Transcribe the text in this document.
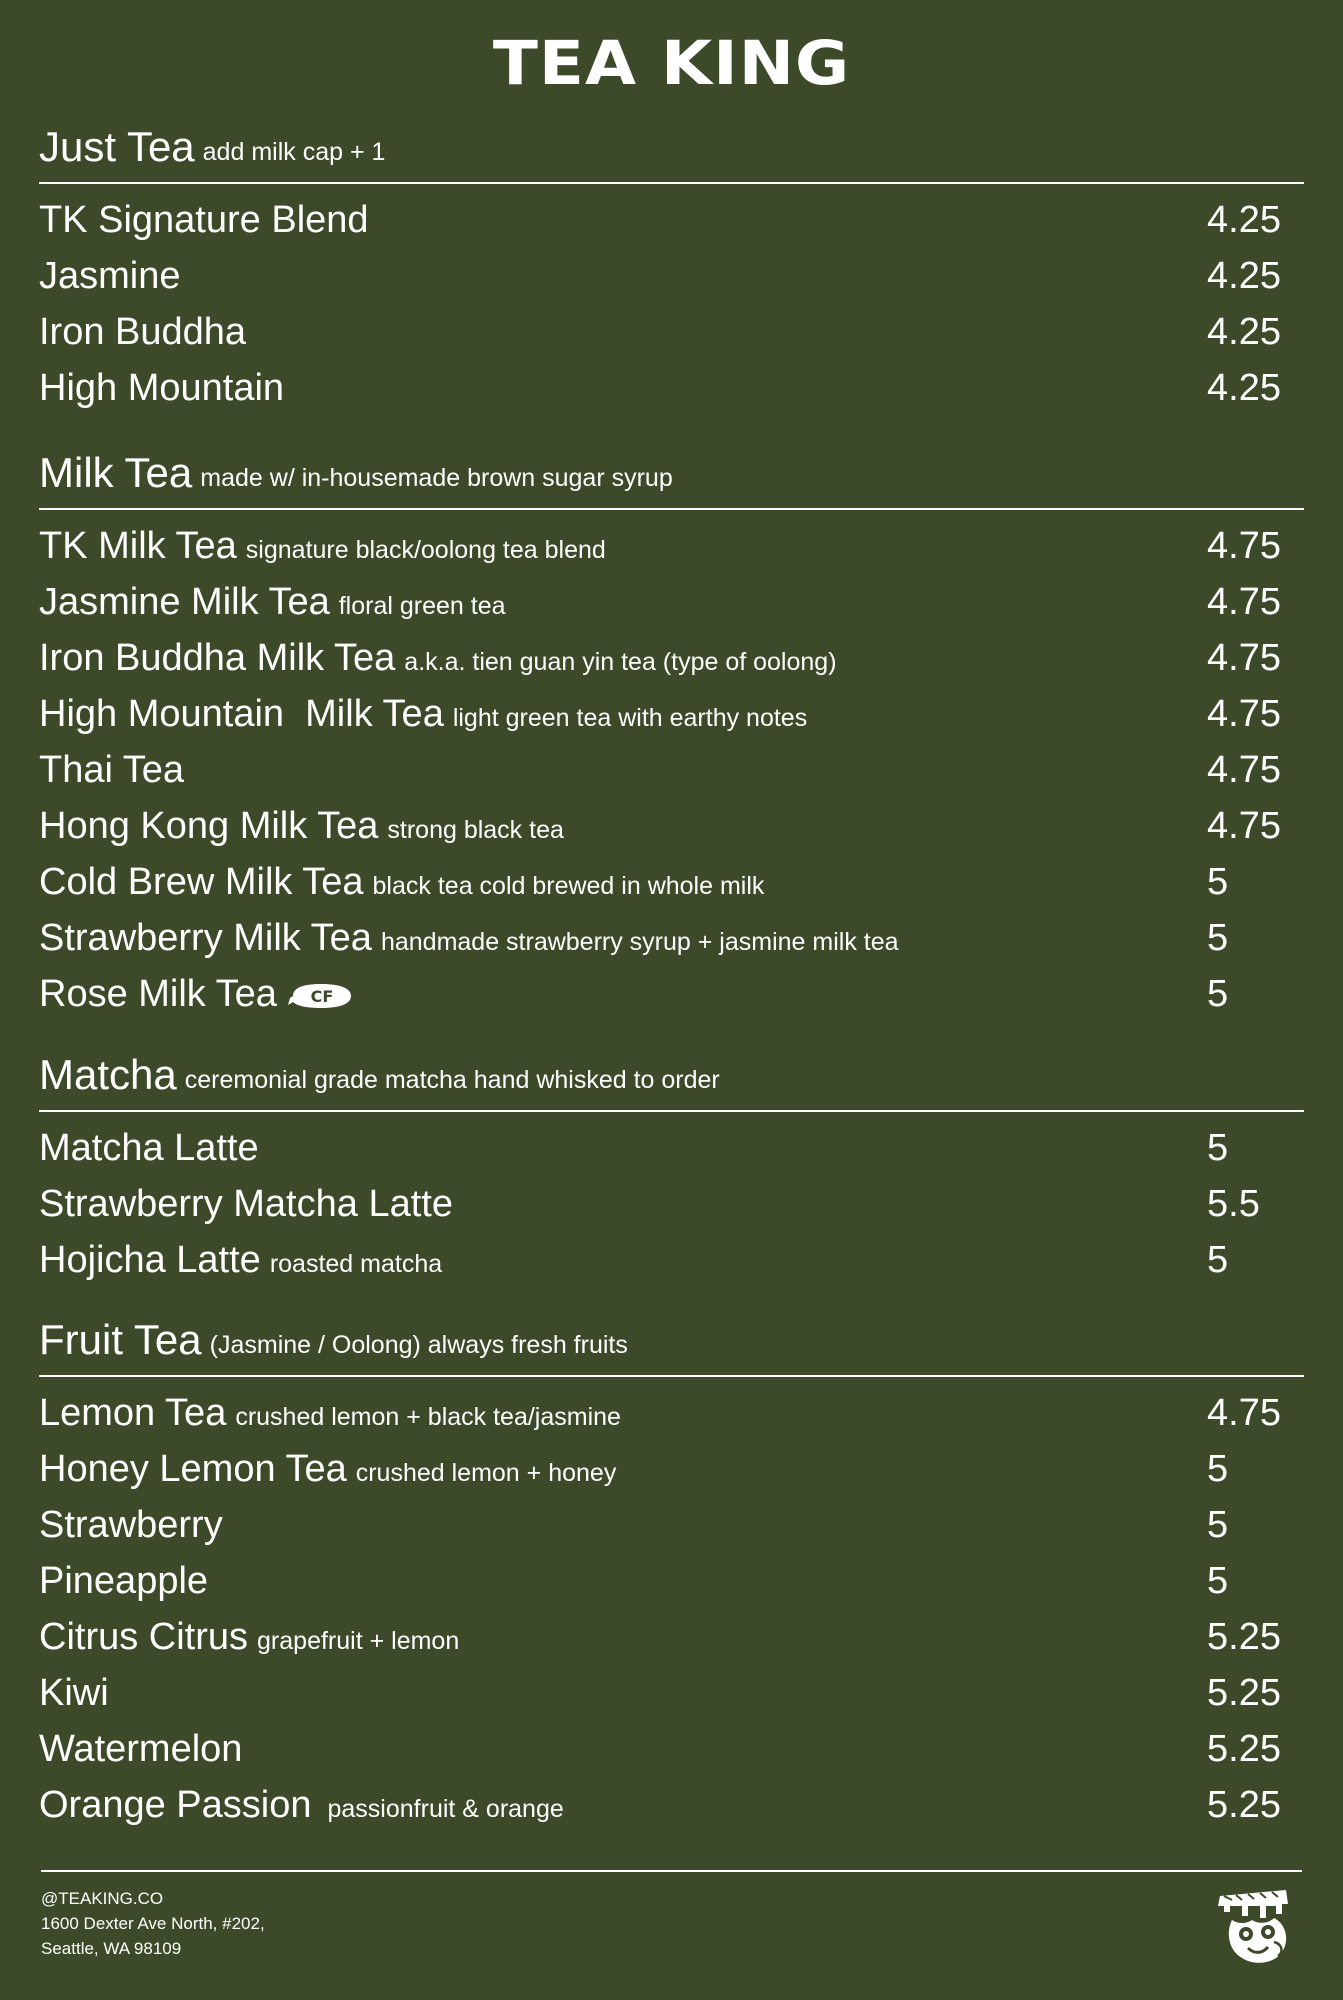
TEA KING
Just Tea add milk cap + 1
TK Signature Blend	4.25
Jasmine	4.25
Iron Buddha	4.25
High Mountain	4.25
Milk Tea made w/ in-housemade brown sugar syrup
TK Milk Tea signature black/oolong tea blend	4.75
Jasmine Milk Tea floral green tea	4.75
Iron Buddha Milk Tea a.k.a. tien guan yin tea (type of oolong)	4.75
High Mountain  Milk Tea light green tea with earthy notes	4.75
Thai Tea	4.75
Hong Kong Milk Tea strong black tea	4.75
Cold Brew Milk Tea black tea cold brewed in whole milk	5
Strawberry Milk Tea handmade strawberry syrup + jasmine milk tea	5
Rose Milk Tea CF	5
Matcha ceremonial grade matcha hand whisked to order
Matcha Latte	5
Strawberry Matcha Latte	5.5
Hojicha Latte roasted matcha	5
Fruit Tea (Jasmine / Oolong) always fresh fruits
Lemon Tea crushed lemon + black tea/jasmine	4.75
Honey Lemon Tea crushed lemon + honey	5
Strawberry	5
Pineapple	5
Citrus Citrus grapefruit + lemon	5.25
Kiwi	5.25
Watermelon	5.25
Orange Passion passionfruit & orange	5.25
@TEAKING.CO
1600 Dexter Ave North, #202,
Seattle, WA 98109
